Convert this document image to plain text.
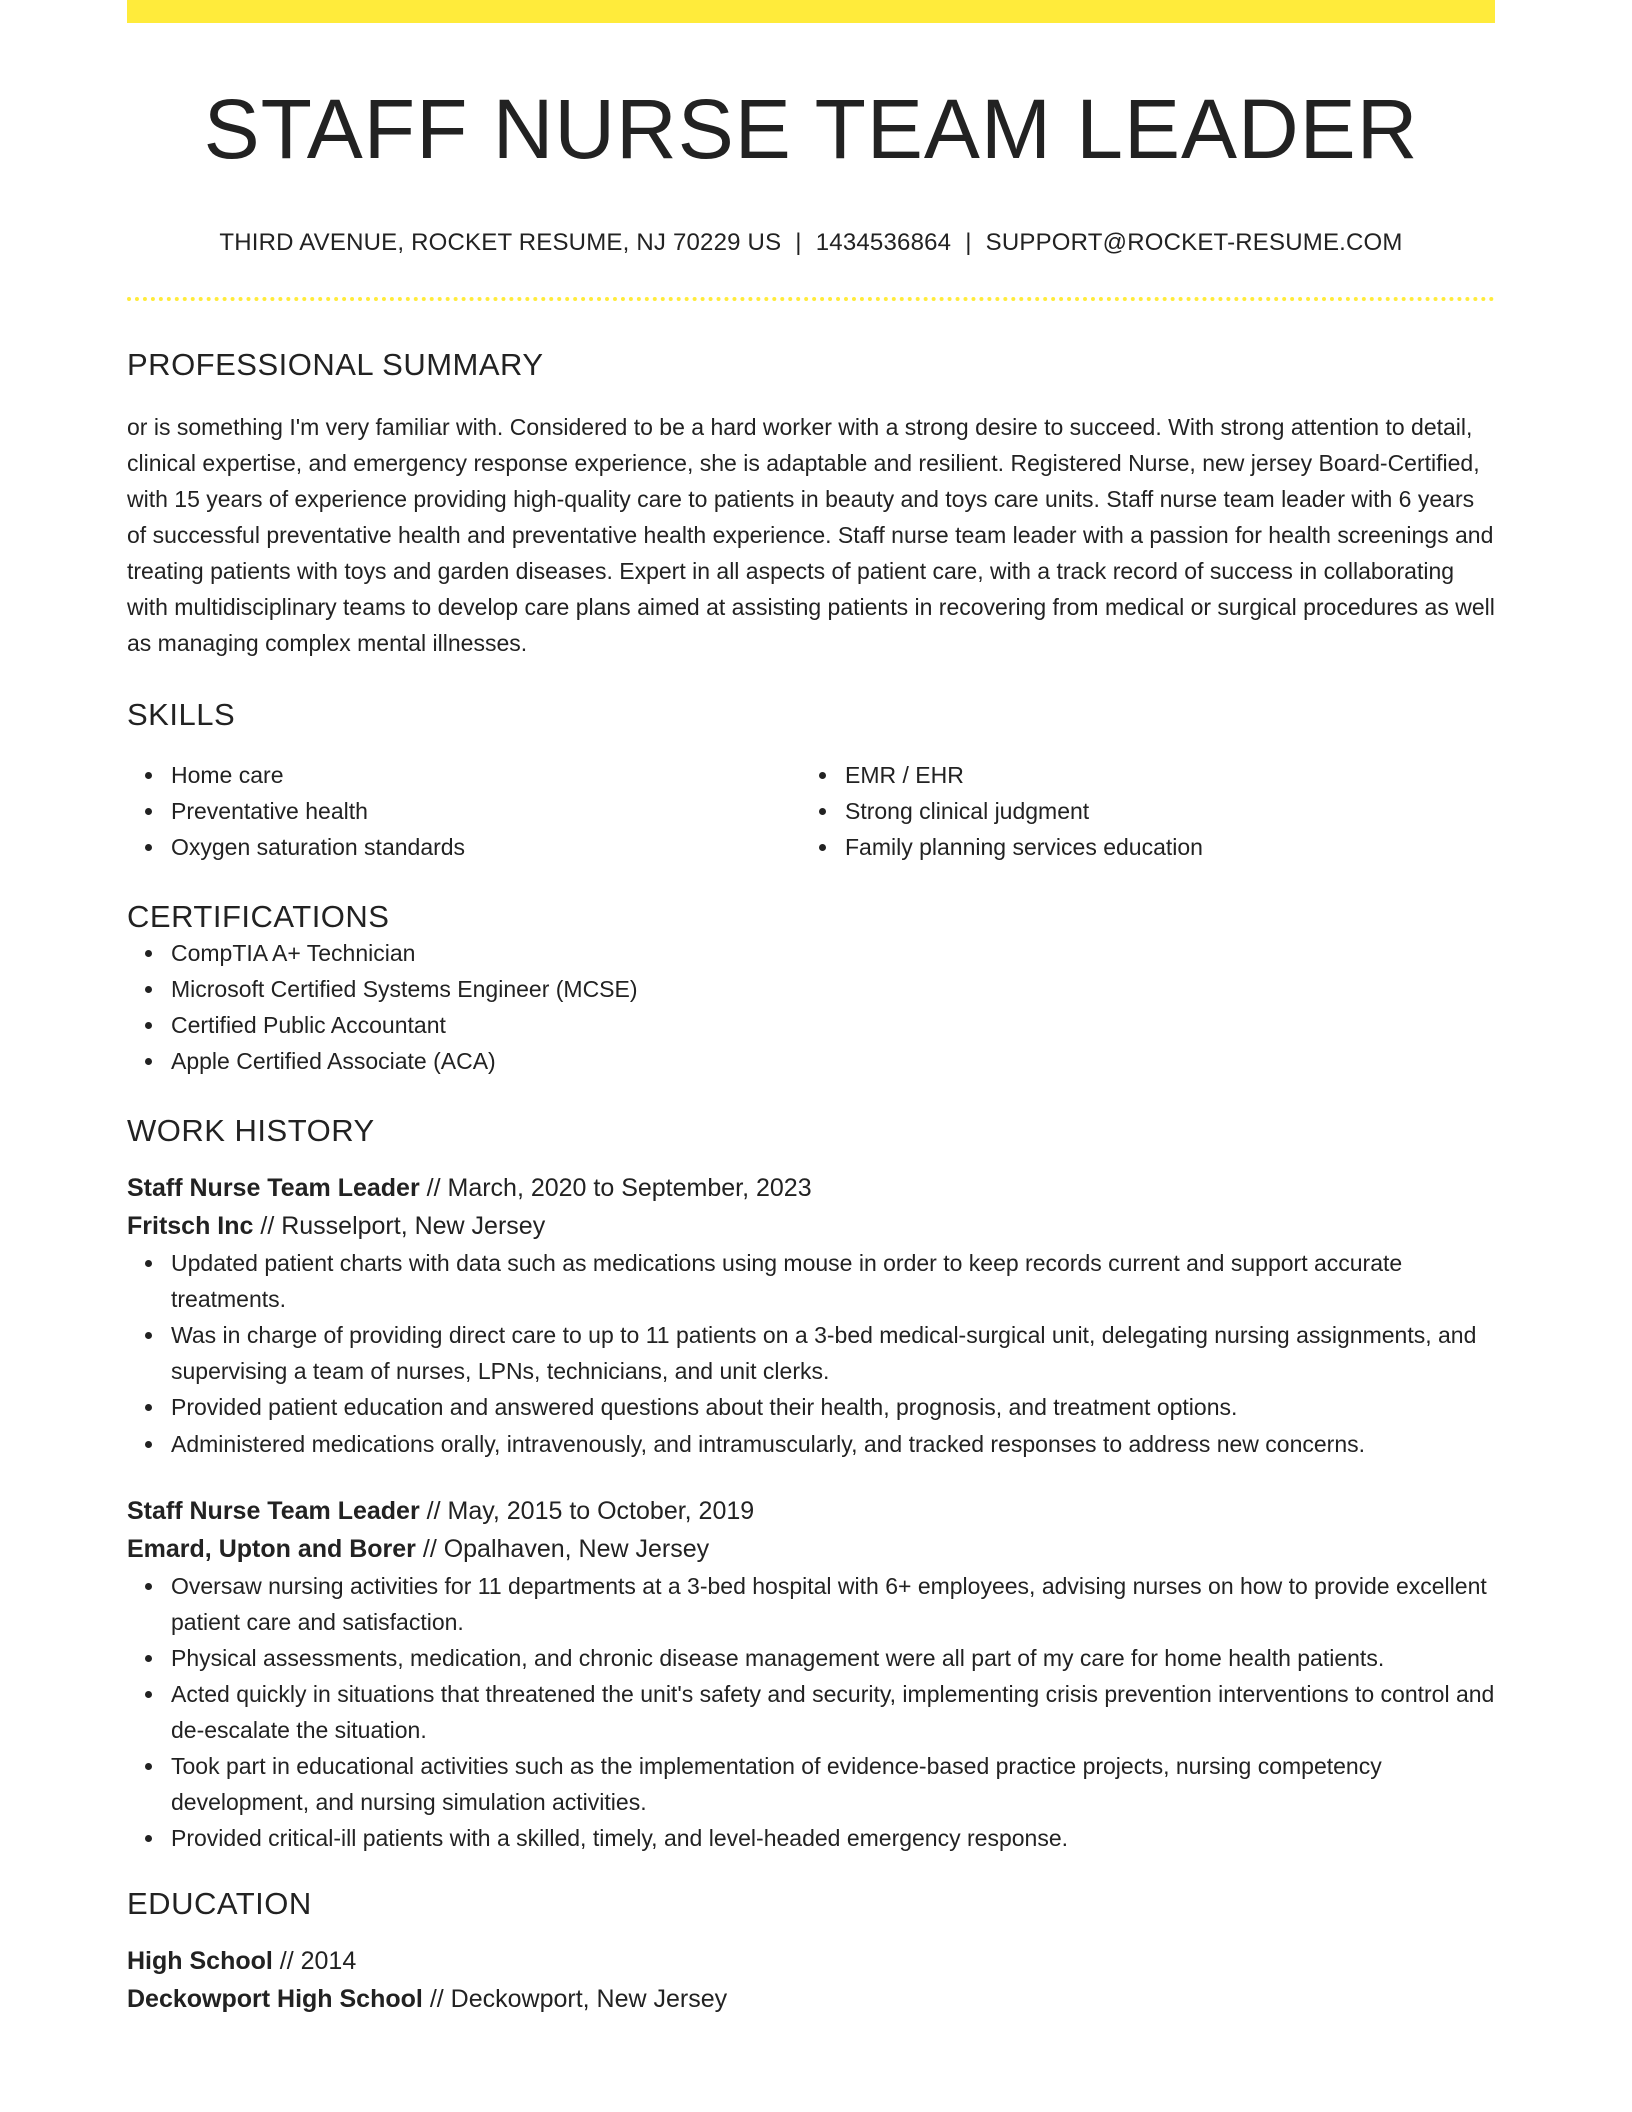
STAFF NURSE TEAM LEADER
THIRD AVENUE, ROCKET RESUME, NJ 70229 US | 1434536864 | SUPPORT@ROCKET-RESUME.COM
PROFESSIONAL SUMMARY
or is something I'm very familiar with. Considered to be a hard worker with a strong desire to succeed. With strong attention to detail, clinical expertise, and emergency response experience, she is adaptable and resilient. Registered Nurse, new jersey Board-Certified, with 15 years of experience providing high-quality care to patients in beauty and toys care units. Staff nurse team leader with 6 years of successful preventative health and preventative health experience. Staff nurse team leader with a passion for health screenings and treating patients with toys and garden diseases. Expert in all aspects of patient care, with a track record of success in collaborating with multidisciplinary teams to develop care plans aimed at assisting patients in recovering from medical or surgical procedures as well as managing complex mental illnesses.
SKILLS
Home care
Preventative health
Oxygen saturation standards
EMR / EHR
Strong clinical judgment
Family planning services education
CERTIFICATIONS
CompTIA A+ Technician
Microsoft Certified Systems Engineer (MCSE)
Certified Public Accountant
Apple Certified Associate (ACA)
WORK HISTORY
Staff Nurse Team Leader // March, 2020 to September, 2023
Fritsch Inc // Russelport, New Jersey
Updated patient charts with data such as medications using mouse in order to keep records current and support accurate treatments.
Was in charge of providing direct care to up to 11 patients on a 3-bed medical-surgical unit, delegating nursing assignments, and supervising a team of nurses, LPNs, technicians, and unit clerks.
Provided patient education and answered questions about their health, prognosis, and treatment options.
Administered medications orally, intravenously, and intramuscularly, and tracked responses to address new concerns.
Staff Nurse Team Leader // May, 2015 to October, 2019
Emard, Upton and Borer // Opalhaven, New Jersey
Oversaw nursing activities for 11 departments at a 3-bed hospital with 6+ employees, advising nurses on how to provide excellent patient care and satisfaction.
Physical assessments, medication, and chronic disease management were all part of my care for home health patients.
Acted quickly in situations that threatened the unit's safety and security, implementing crisis prevention interventions to control and de-escalate the situation.
Took part in educational activities such as the implementation of evidence-based practice projects, nursing competency development, and nursing simulation activities.
Provided critical-ill patients with a skilled, timely, and level-headed emergency response.
EDUCATION
High School // 2014
Deckowport High School // Deckowport, New Jersey
